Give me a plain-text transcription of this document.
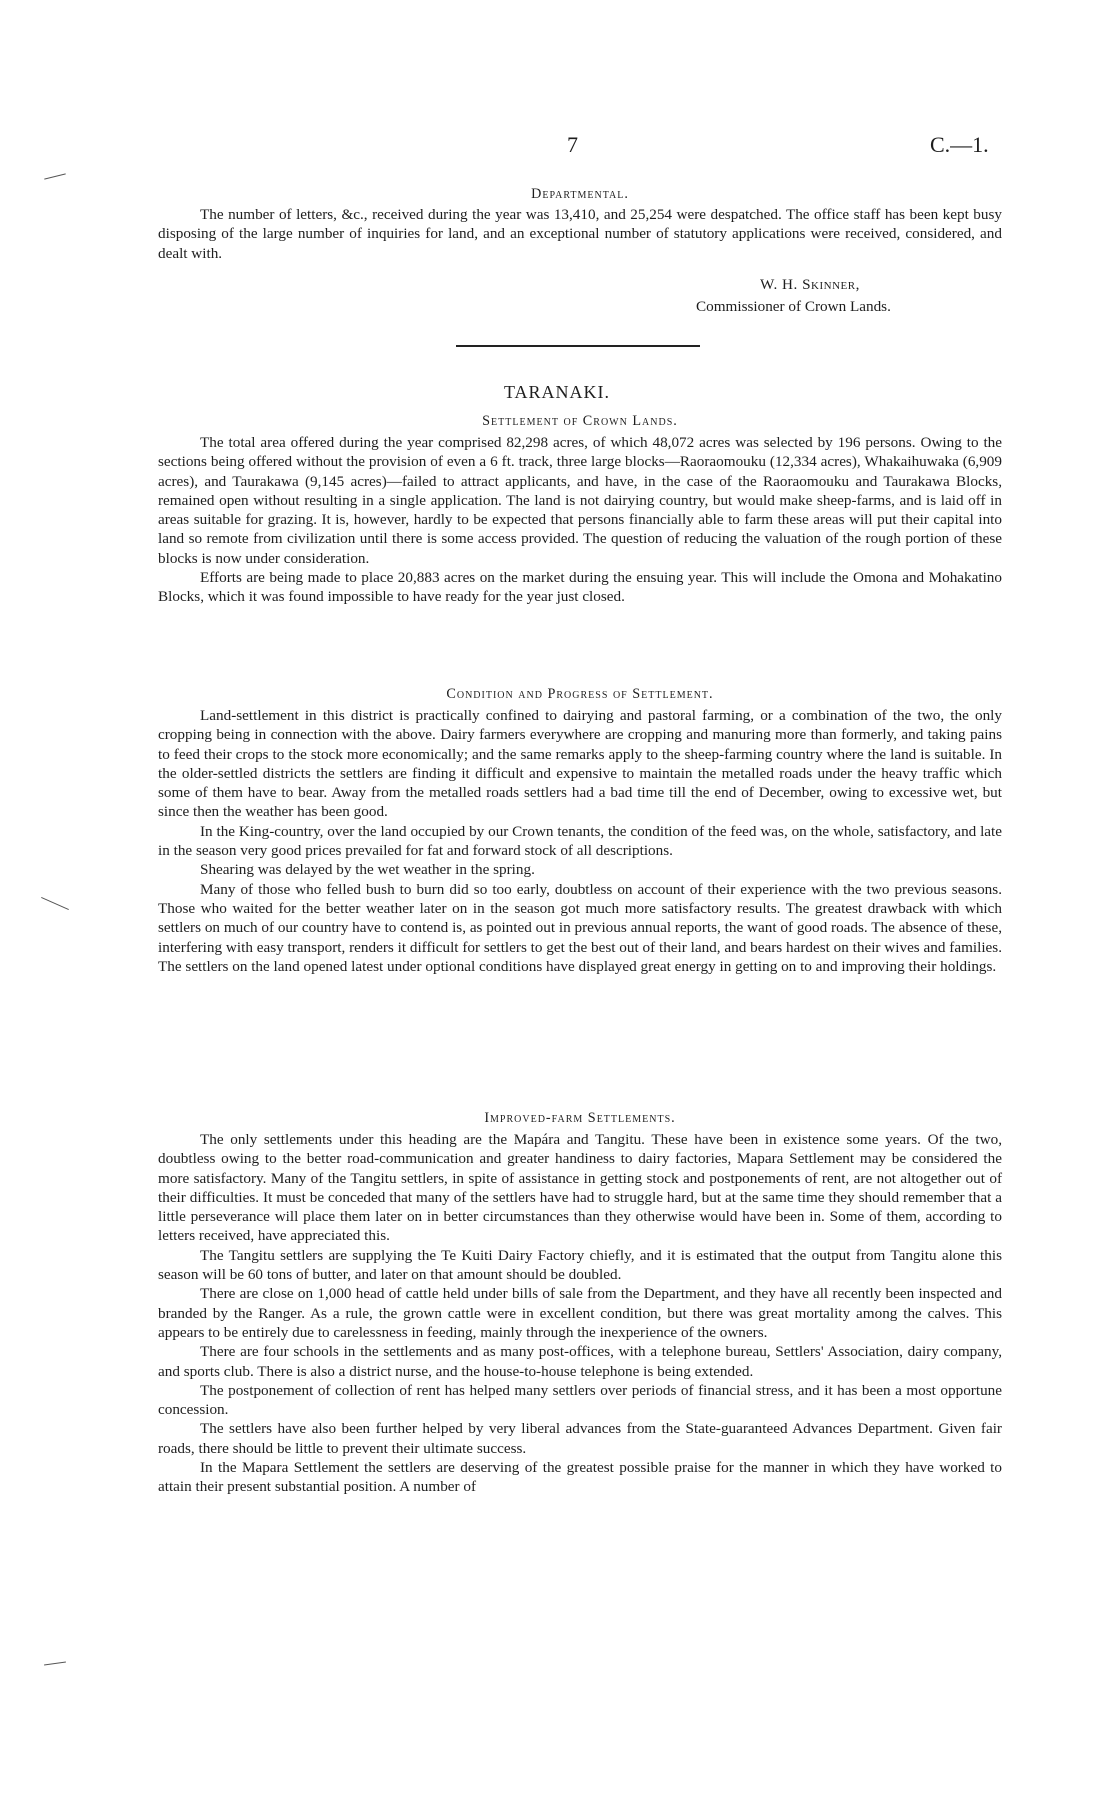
7	C.—1.

Departmental.

The number of letters, &c., received during the year was 13,410, and 25,254 were despatched. The office staff has been kept busy disposing of the large number of inquiries for land, and an exceptional number of statutory applications were received, considered, and dealt with.

W. H. Skinner,
Commissioner of Crown Lands.
TARANAKI.

Settlement of Crown Lands.

The total area offered during the year comprised 82,298 acres, of which 48,072 acres was selected by 196 persons. Owing to the sections being offered without the provision of even a 6 ft. track, three large blocks—Raoraomouku (12,334 acres), Whakaihuwaka (6,909 acres), and Taurakawa (9,145 acres)—failed to attract applicants, and have, in the case of the Raoraomouku and Taurakawa Blocks, remained open without resulting in a single application. The land is not dairying country, but would make sheep-farms, and is laid off in areas suitable for grazing. It is, however, hardly to be expected that persons financially able to farm these areas will put their capital into land so remote from civilization until there is some access provided. The question of reducing the valuation of the rough portion of these blocks is now under consideration.

Efforts are being made to place 20,883 acres on the market during the ensuing year. This will include the Omona and Mohakatino Blocks, which it was found impossible to have ready for the year just closed.

Condition and Progress of Settlement.

Land-settlement in this district is practically confined to dairying and pastoral farming, or a combination of the two, the only cropping being in connection with the above. Dairy farmers everywhere are cropping and manuring more than formerly, and taking pains to feed their crops to the stock more economically; and the same remarks apply to the sheep-farming country where the land is suitable. In the older-settled districts the settlers are finding it difficult and expensive to maintain the metalled roads under the heavy traffic which some of them have to bear. Away from the metalled roads settlers had a bad time till the end of December, owing to excessive wet, but since then the weather has been good.

In the King-country, over the land occupied by our Crown tenants, the condition of the feed was, on the whole, satisfactory, and late in the season very good prices prevailed for fat and forward stock of all descriptions.

Shearing was delayed by the wet weather in the spring.

Many of those who felled bush to burn did so too early, doubtless on account of their experience with the two previous seasons. Those who waited for the better weather later on in the season got much more satisfactory results. The greatest drawback with which settlers on much of our country have to contend is, as pointed out in previous annual reports, the want of good roads. The absence of these, interfering with easy transport, renders it difficult for settlers to get the best out of their land, and bears hardest on their wives and families. The settlers on the land opened latest under optional conditions have displayed great energy in getting on to and improving their holdings.

Improved-farm Settlements.

The only settlements under this heading are the Mapára and Tangitu. These have been in existence some years. Of the two, doubtless owing to the better road-communication and greater handiness to dairy factories, Mapara Settlement may be considered the more satisfactory. Many of the Tangitu settlers, in spite of assistance in getting stock and postponements of rent, are not altogether out of their difficulties. It must be conceded that many of the settlers have had to struggle hard, but at the same time they should remember that a little perseverance will place them later on in better circumstances than they otherwise would have been in. Some of them, according to letters received, have appreciated this.

The Tangitu settlers are supplying the Te Kuiti Dairy Factory chiefly, and it is estimated that the output from Tangitu alone this season will be 60 tons of butter, and later on that amount should be doubled.

There are close on 1,000 head of cattle held under bills of sale from the Department, and they have all recently been inspected and branded by the Ranger. As a rule, the grown cattle were in excellent condition, but there was great mortality among the calves. This appears to be entirely due to carelessness in feeding, mainly through the inexperience of the owners.

There are four schools in the settlements and as many post-offices, with a telephone bureau, Settlers' Association, dairy company, and sports club. There is also a district nurse, and the house-to-house telephone is being extended.

The postponement of collection of rent has helped many settlers over periods of financial stress, and it has been a most opportune concession.

The settlers have also been further helped by very liberal advances from the State-guaranteed Advances Department. Given fair roads, there should be little to prevent their ultimate success.

In the Mapara Settlement the settlers are deserving of the greatest possible praise for the manner in which they have worked to attain their present substantial position. A number of
